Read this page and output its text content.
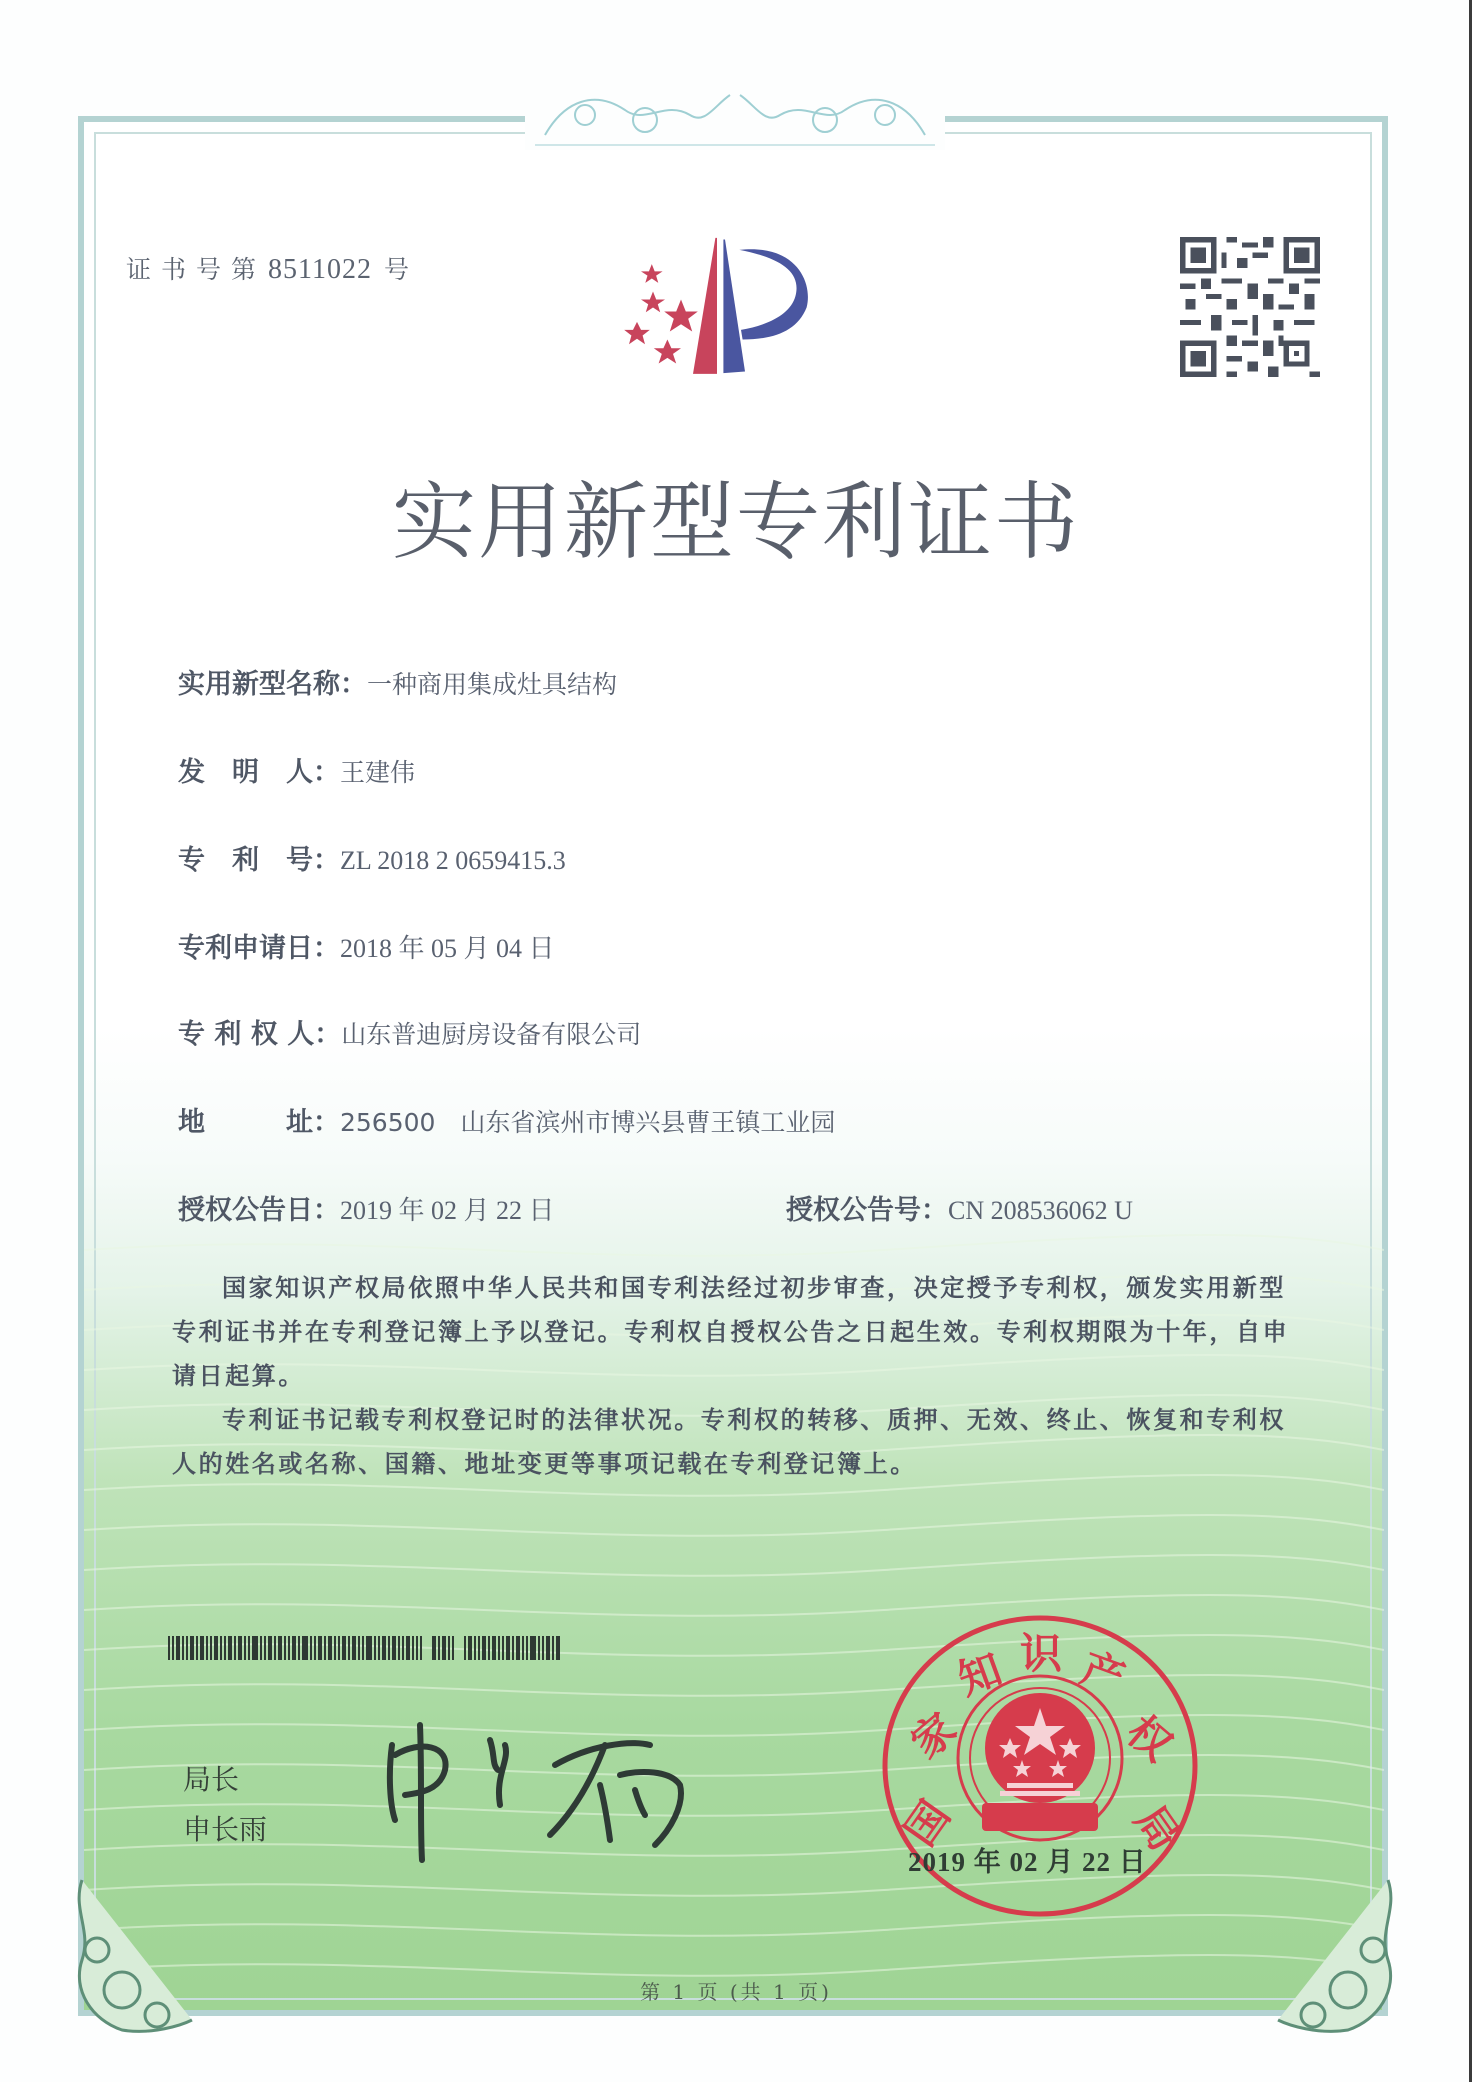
证书号第8511022 号
实用新型专利证书
实用新型名称： 一种商用集成灶具结构
发　明　人： 王建伟
专　利　号： ZL 2018 2 0659415.3
专利申请日： 2018 年 05 月 04 日
专 利 权 人： 山东普迪厨房设备有限公司
地　　　址： 256500　山东省滨州市博兴县曹王镇工业园
授权公告日： 2019 年 02 月 22 日	授权公告号： CN 208536062 U

国家知识产权局依照中华人民共和国专利法经过初步审查，决定授予专利权，颁发实用新型专利证书并在专利登记簿上予以登记。专利权自授权公告之日起生效。专利权期限为十年，自申请日起算。

专利证书记载专利权登记时的法律状况。专利权的转移、质押、无效、终止、恢复和专利权人的姓名或名称、国籍、地址变更等事项记载在专利登记簿上。

局长
申长雨	国
家
知 识 产
权
局
2019 年 02 月 22 日
第 1 页 (共 1 页)
